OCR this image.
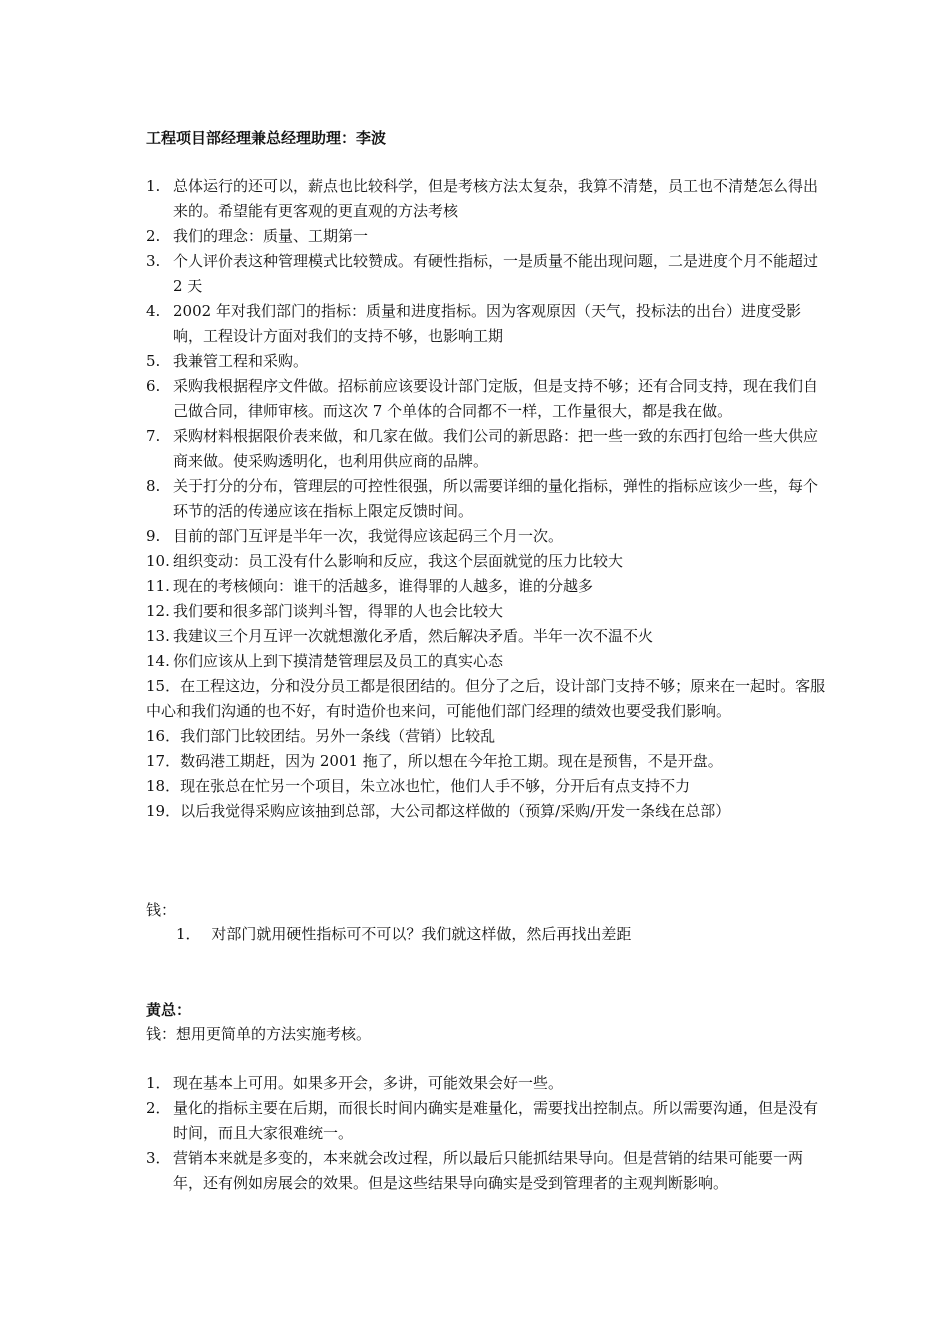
工程项目部经理兼总经理助理：李波
1. 总体运行的还可以，薪点也比较科学，但是考核方法太复杂，我算不清楚，员工也不清楚怎么得出来的。希望能有更客观的更直观的方法考核
2. 我们的理念：质量、工期第一
3. 个人评价表这种管理模式比较赞成。有硬性指标，一是质量不能出现问题，二是进度个月不能超过 2 天
4. 2002 年对我们部门的指标：质量和进度指标。因为客观原因（天气，投标法的出台）进度受影响，工程设计方面对我们的支持不够，也影响工期
5. 我兼管工程和采购。
6. 采购我根据程序文件做。招标前应该要设计部门定版，但是支持不够；还有合同支持，现在我们自己做合同，律师审核。而这次 7 个单体的合同都不一样，工作量很大，都是我在做。
7. 采购材料根据限价表来做，和几家在做。我们公司的新思路：把一些一致的东西打包给一些大供应商来做。使采购透明化，也利用供应商的品牌。
8. 关于打分的分布，管理层的可控性很强，所以需要详细的量化指标，弹性的指标应该少一些，每个环节的活的传递应该在指标上限定反馈时间。
9. 目前的部门互评是半年一次，我觉得应该起码三个月一次。
10. 组织变动：员工没有什么影响和反应，我这个层面就觉的压力比较大
11. 现在的考核倾向：谁干的活越多，谁得罪的人越多，谁的分越多
12. 我们要和很多部门谈判斗智，得罪的人也会比较大
13. 我建议三个月互评一次就想激化矛盾，然后解决矛盾。半年一次不温不火
14. 你们应该从上到下摸清楚管理层及员工的真实心态
15．在工程这边，分和没分员工都是很团结的。但分了之后，设计部门支持不够；原来在一起时。客服中心和我们沟通的也不好，有时造价也来问，可能他们部门经理的绩效也要受我们影响。
16．我们部门比较团结。另外一条线（营销）比较乱
17．数码港工期赶，因为 2001 拖了，所以想在今年抢工期。现在是预售，不是开盘。
18．现在张总在忙另一个项目，朱立冰也忙，他们人手不够，分开后有点支持不力
19．以后我觉得采购应该抽到总部，大公司都这样做的（预算/采购/开发一条线在总部）
钱：
1． 对部门就用硬性指标可不可以？我们就这样做，然后再找出差距
黄总：
钱：想用更简单的方法实施考核。
1． 现在基本上可用。如果多开会，多讲，可能效果会好一些。
2． 量化的指标主要在后期，而很长时间内确实是难量化，需要找出控制点。所以需要沟通，但是没有时间，而且大家很难统一。
3． 营销本来就是多变的，本来就会改过程，所以最后只能抓结果导向。但是营销的结果可能要一两年，还有例如房展会的效果。但是这些结果导向确实是受到管理者的主观判断影响。
